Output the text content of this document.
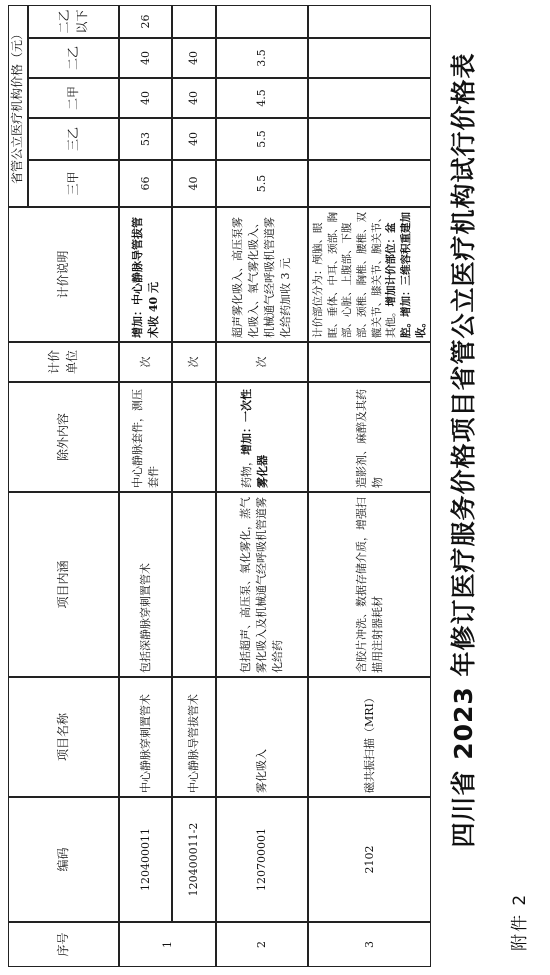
附件 2
四川省 2023 年修订医疗服务价格项目省管公立医疗机构试行价格表
序号
编码
项目名称
项目内涵
除外内容
计价单位
计价说明
省管公立医疗机构价格（元）	三甲
三乙
二甲
二乙
二乙以下
1
120400011
中心静脉穿刺置管术
包括深静脉穿刺置管术
中心静脉套件，测压套件
次
增加：中心静脉导管拔管术收 40 元
66
53
40
40
26
120400011-2
中心静脉导管拔管术
次
40
40
40
40
2
120700001
雾化吸入
包括超声、高压泵、氧化雾化，蒸气雾化吸入及机械通气经呼吸机管道雾化给药
药物，增加：一次性雾化器
次
超声雾化吸入、高压泵雾化吸入、氧气雾化吸入、机械通气经呼吸机管道雾化给药加收 3 元
5.5
5.5
4.5
3.5
3
2102
磁共振扫描（MRI）
含胶片冲洗、数据存储介质，增强扫描用注射器耗材
造影剂、麻醉及其药物
计价部位分为：颅脑、眼眶、垂体、中耳、颈部、胸部、心脏、上腹部、下腹部、颈椎、胸椎、腰椎、双髋关节、膝关节、腕关节、其他。增加计价部位：盆腔。增加：三维容积重建加收。
